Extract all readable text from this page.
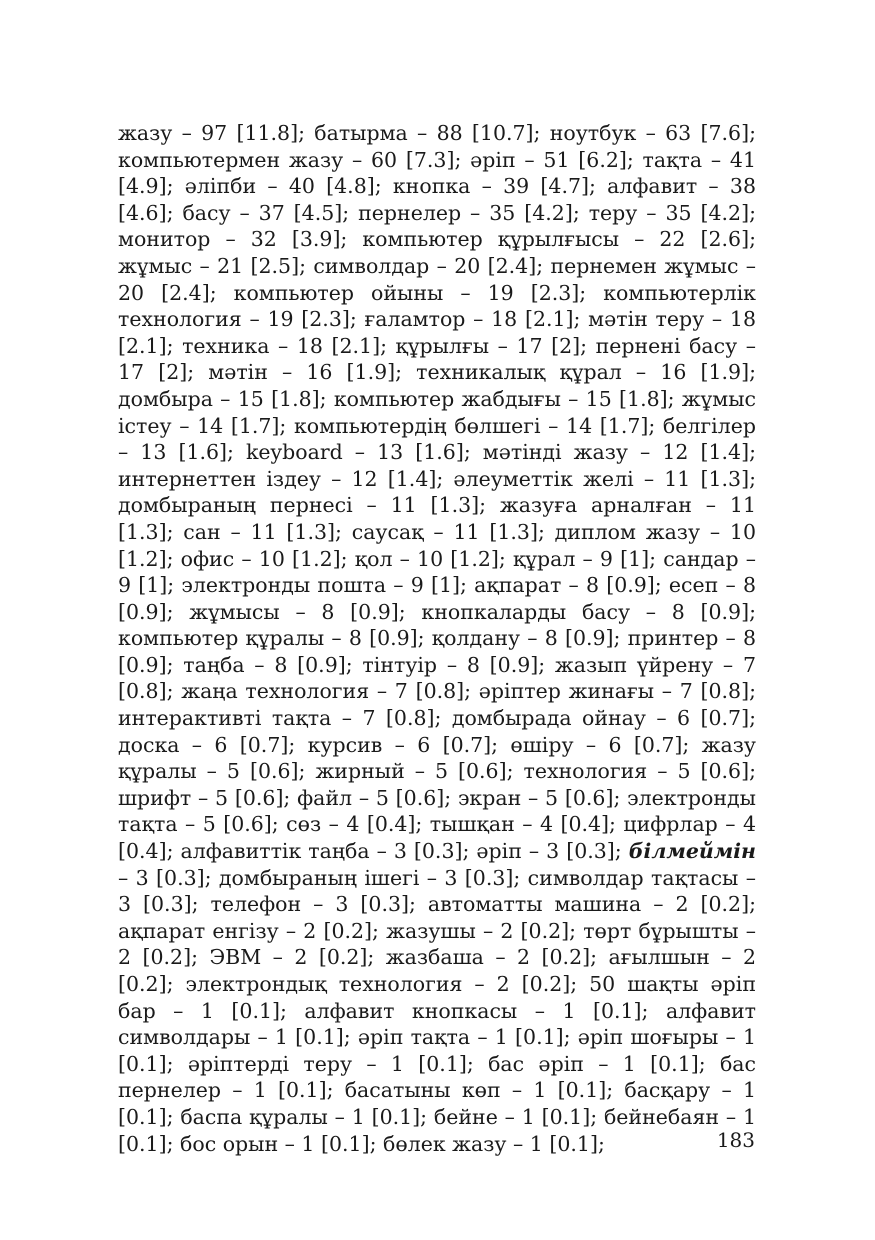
жазу – 97 [11.8]; батырма – 88 [10.7]; ноутбук – 63 [7.6]; компьютермен жазу – 60 [7.3]; әріп – 51 [6.2]; тақта – 41 [4.9]; әліпби – 40 [4.8]; кнопка – 39 [4.7]; алфавит – 38 [4.6]; басу – 37 [4.5]; пернелер – 35 [4.2]; теру – 35 [4.2]; монитор – 32 [3.9]; компьютер құрылғысы – 22 [2.6]; жұмыс – 21 [2.5]; символдар – 20 [2.4]; пернемен жұмыс – 20 [2.4]; компьютер ойыны – 19 [2.3]; компьютерлік технология – 19 [2.3]; ғаламтор – 18 [2.1]; мәтін теру – 18 [2.1]; техника – 18 [2.1]; құрылғы – 17 [2]; пернені басу – 17 [2]; мәтін – 16 [1.9]; техникалық құрал – 16 [1.9]; домбыра – 15 [1.8]; компьютер жабдығы – 15 [1.8]; жұмыс істеу – 14 [1.7]; компьютердің бөлшегі – 14 [1.7]; белгілер – 13 [1.6]; keyboard – 13 [1.6]; мәтінді жазу – 12 [1.4]; интернеттен іздеу – 12 [1.4]; әлеуметтік желі – 11 [1.3]; домбыраның пернесі – 11 [1.3]; жазуға арналған – 11 [1.3]; сан – 11 [1.3]; саусақ – 11 [1.3]; диплом жазу – 10 [1.2]; офис – 10 [1.2]; қол – 10 [1.2]; құрал – 9 [1]; сандар – 9 [1]; электронды пошта – 9 [1]; ақпарат – 8 [0.9]; есеп – 8 [0.9]; жұмысы – 8 [0.9]; кнопкаларды басу – 8 [0.9]; компьютер құралы – 8 [0.9]; қолдану – 8 [0.9]; принтер – 8 [0.9]; таңба – 8 [0.9]; тінтуір – 8 [0.9]; жазып үйрену – 7 [0.8]; жаңа технология – 7 [0.8]; әріптер жинағы – 7 [0.8]; интерактивті тақта – 7 [0.8]; домбырада ойнау – 6 [0.7]; доска – 6 [0.7]; курсив – 6 [0.7]; өшіру – 6 [0.7]; жазу құралы – 5 [0.6]; жирный – 5 [0.6]; технология – 5 [0.6]; шрифт – 5 [0.6]; файл – 5 [0.6]; экран – 5 [0.6]; электронды тақта – 5 [0.6]; сөз – 4 [0.4]; тышқан – 4 [0.4]; цифрлар – 4 [0.4]; алфавиттік таңба – 3 [0.3]; әріп – 3 [0.3]; білмеймін – 3 [0.3]; домбыраның ішегі – 3 [0.3]; символдар тақтасы – 3 [0.3]; телефон – 3 [0.3]; автоматты машина – 2 [0.2]; ақпарат енгізу – 2 [0.2]; жазушы – 2 [0.2]; төрт бұрышты – 2 [0.2]; ЭВМ – 2 [0.2]; жазбаша – 2 [0.2]; ағылшын – 2 [0.2]; электрондық технология – 2 [0.2]; 50 шақты әріп бар – 1 [0.1]; алфавит кнопкасы – 1 [0.1]; алфавит символдары – 1 [0.1]; әріп тақта – 1 [0.1]; әріп шоғыры – 1 [0.1]; әріптерді теру – 1 [0.1]; бас әріп – 1 [0.1]; бас пернелер – 1 [0.1]; басатыны көп – 1 [0.1]; басқару – 1 [0.1]; баспа құралы – 1 [0.1]; бейне – 1 [0.1]; бейнебаян – 1 [0.1]; бос орын – 1 [0.1]; бөлек жазу – 1 [0.1];	183
